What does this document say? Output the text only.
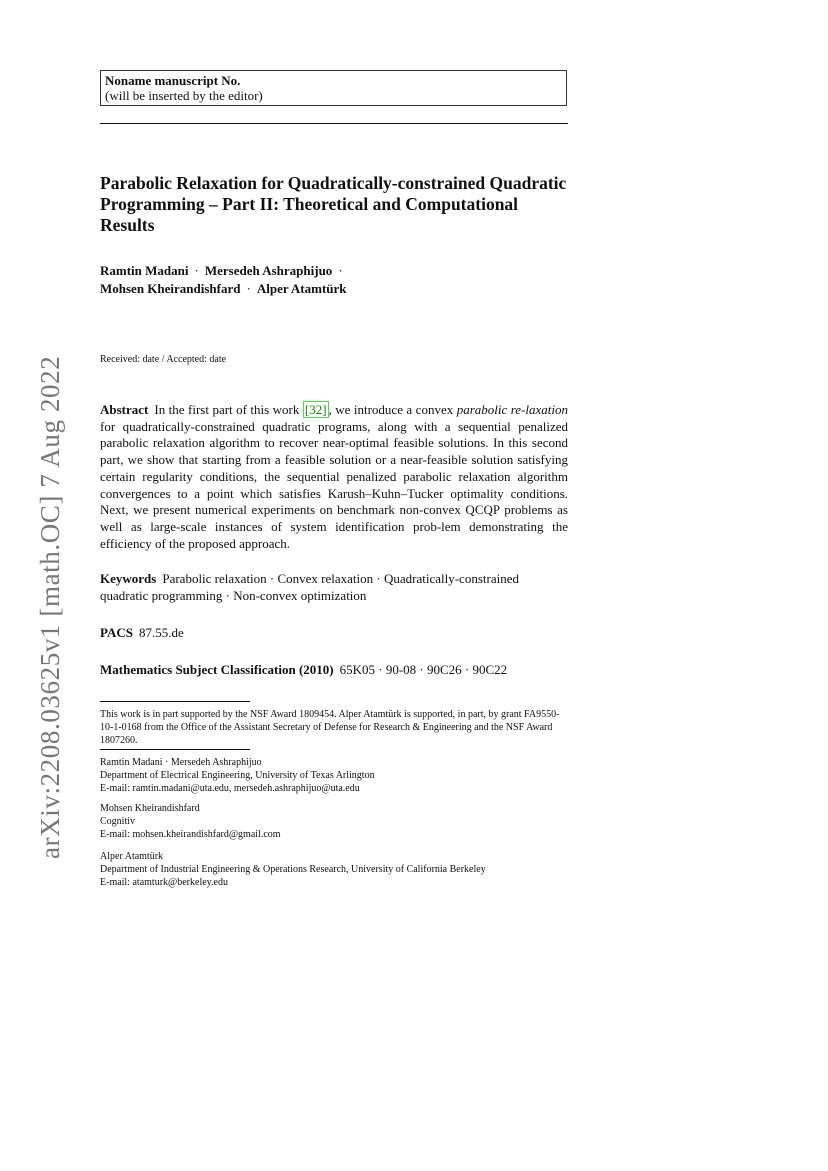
arXiv:2208.03625v1 [math.OC] 7 Aug 2022
Noname manuscript No.
(will be inserted by the editor)
Parabolic Relaxation for Quadratically-constrained Quadratic Programming – Part II: Theoretical and Computational Results
Ramtin Madani · Mersedeh Ashraphijuo ·
Mohsen Kheirandishfard · Alper Atamtürk
Received: date / Accepted: date
Abstract In the first part of this work [32] , we introduce a convex parabolic re-laxation for quadratically-constrained quadratic programs, along with a sequential penalized parabolic relaxation algorithm to recover near-optimal feasible solutions. In this second part, we show that starting from a feasible solution or a near-feasible solution satisfying certain regularity conditions, the sequential penalized parabolic relaxation algorithm convergences to a point which satisfies Karush–Kuhn–Tucker optimality conditions. Next, we present numerical experiments on benchmark non-convex QCQP problems as well as large-scale instances of system identification prob-lem demonstrating the efficiency of the proposed approach.
Keywords Parabolic relaxation · Convex relaxation · Quadratically-constrained quadratic programming · Non-convex optimization
PACS 87.55.de
Mathematics Subject Classification (2010) 65K05 · 90-08 · 90C26 · 90C22
This work is in part supported by the NSF Award 1809454. Alper Atamtürk is supported, in part, by grant FA9550-10-1-0168 from the Office of the Assistant Secretary of Defense for Research & Engineering and the NSF Award 1807260.
Ramtin Madani · Mersedeh Ashraphijuo
Department of Electrical Engineering, University of Texas Arlington
E-mail: ramtin.madani@uta.edu, mersedeh.ashraphijuo@uta.edu
Mohsen Kheirandishfard
Cognitiv
E-mail: mohsen.kheirandishfard@gmail.com
Alper Atamtürk
Department of Industrial Engineering & Operations Research, University of California Berkeley
E-mail: atamturk@berkeley.edu
